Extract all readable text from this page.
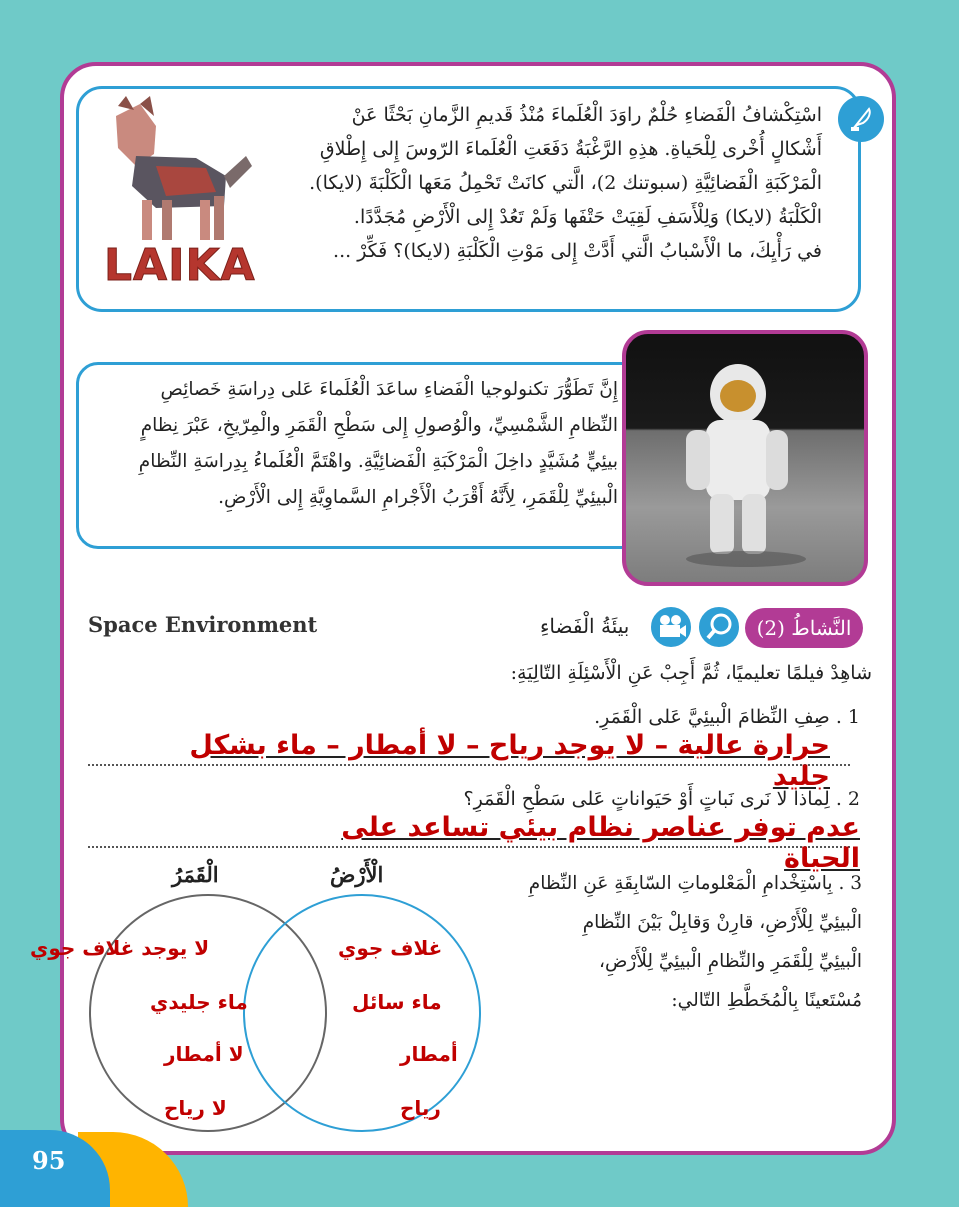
LAIKA
اسْتِكْشافُ الْفَضاءِ حُلْمٌ راوَدَ الْعُلَماءَ مُنْذُ قَديمِ الزَّمانِ بَحْثًا عَنْ
أَشْكالٍ أُخْرى لِلْحَياةِ. هذِهِ الرَّغْبَةُ دَفَعَتِ الْعُلَماءَ الرّوسَ إِلى إِطْلاقِ
الْمَرْكَبَةِ الْفَضائِيَّةِ (سبوتنك 2)، الَّتي كانَتْ تَحْمِلُ مَعَها الْكَلْبَةَ (لايكا).
الْكَلْبَةُ (لايكا) وَلِلْأَسَفِ لَقِيَتْ حَتْفَها وَلَمْ تَعُدْ إِلى الْأَرْضِ مُجَدَّدًا.
في رَأْيِكَ، ما الْأَسْبابُ الَّتي أَدَّتْ إِلى مَوْتِ الْكَلْبَةِ (لايكا)؟ فَكِّرْ ...
إِنَّ تَطَوُّرَ تكنولوجيا الْفَضاءِ ساعَدَ الْعُلَماءَ عَلى دِراسَةِ خَصائِصِ
النِّظامِ الشَّمْسِيِّ، والْوُصولِ إِلى سَطْحِ الْقَمَرِ والْمِرّيخِ، عَبْرَ نِظامٍ
بيئِيٍّ مُشَيَّدٍ داخِلَ الْمَرْكَبَةِ الْفَضائِيَّةِ. واهْتَمَّ الْعُلَماءُ بِدِراسَةِ النِّظامِ
الْبيئِيِّ لِلْقَمَرِ، لِأَنَّهُ أَقْرَبُ الْأَجْرامِ السَّماوِيَّةِ إِلى الْأَرْضِ.
النَّشاطُ (2)
بيئَةُ الْفَضاءِ
Space Environment
شاهِدْ فيلمًا تعليميًا، ثُمَّ أَجِبْ عَنِ الْأَسْئِلَةِ التّالِيَةِ:
1 . صِفِ النِّظامَ الْبيئِيَّ عَلى الْقَمَرِ.
حرارة عالية – لا يوجد رياح – لا أمطار – ماء بشكل جليد
2 . لِماذا لا نَرى نَباتٍ أَوْ حَيَواناتٍ عَلى سَطْحِ الْقَمَرِ؟
عدم توفر عناصر نظام بيئي تساعد على الحياة
3 . بِاسْتِخْدامِ الْمَعْلوماتِ السّابِقَةِ عَنِ النِّظامِ
الْبيئِيِّ لِلْأَرْضِ، قارِنْ وَقابِلْ بَيْنَ النِّظامِ
الْبيئِيِّ لِلْقَمَرِ والنِّظامِ الْبيئِيِّ لِلْأَرْضِ،
مُسْتَعينًا بِالْمُخَطَّطِ التّالي:
الْقَمَرُ	الْأَرْضُ
لا يوجد غلاف جوي
ماء جليدي
لا أمطار
لا رياح
غلاف جوي
ماء سائل
أمطار
رياح
95
